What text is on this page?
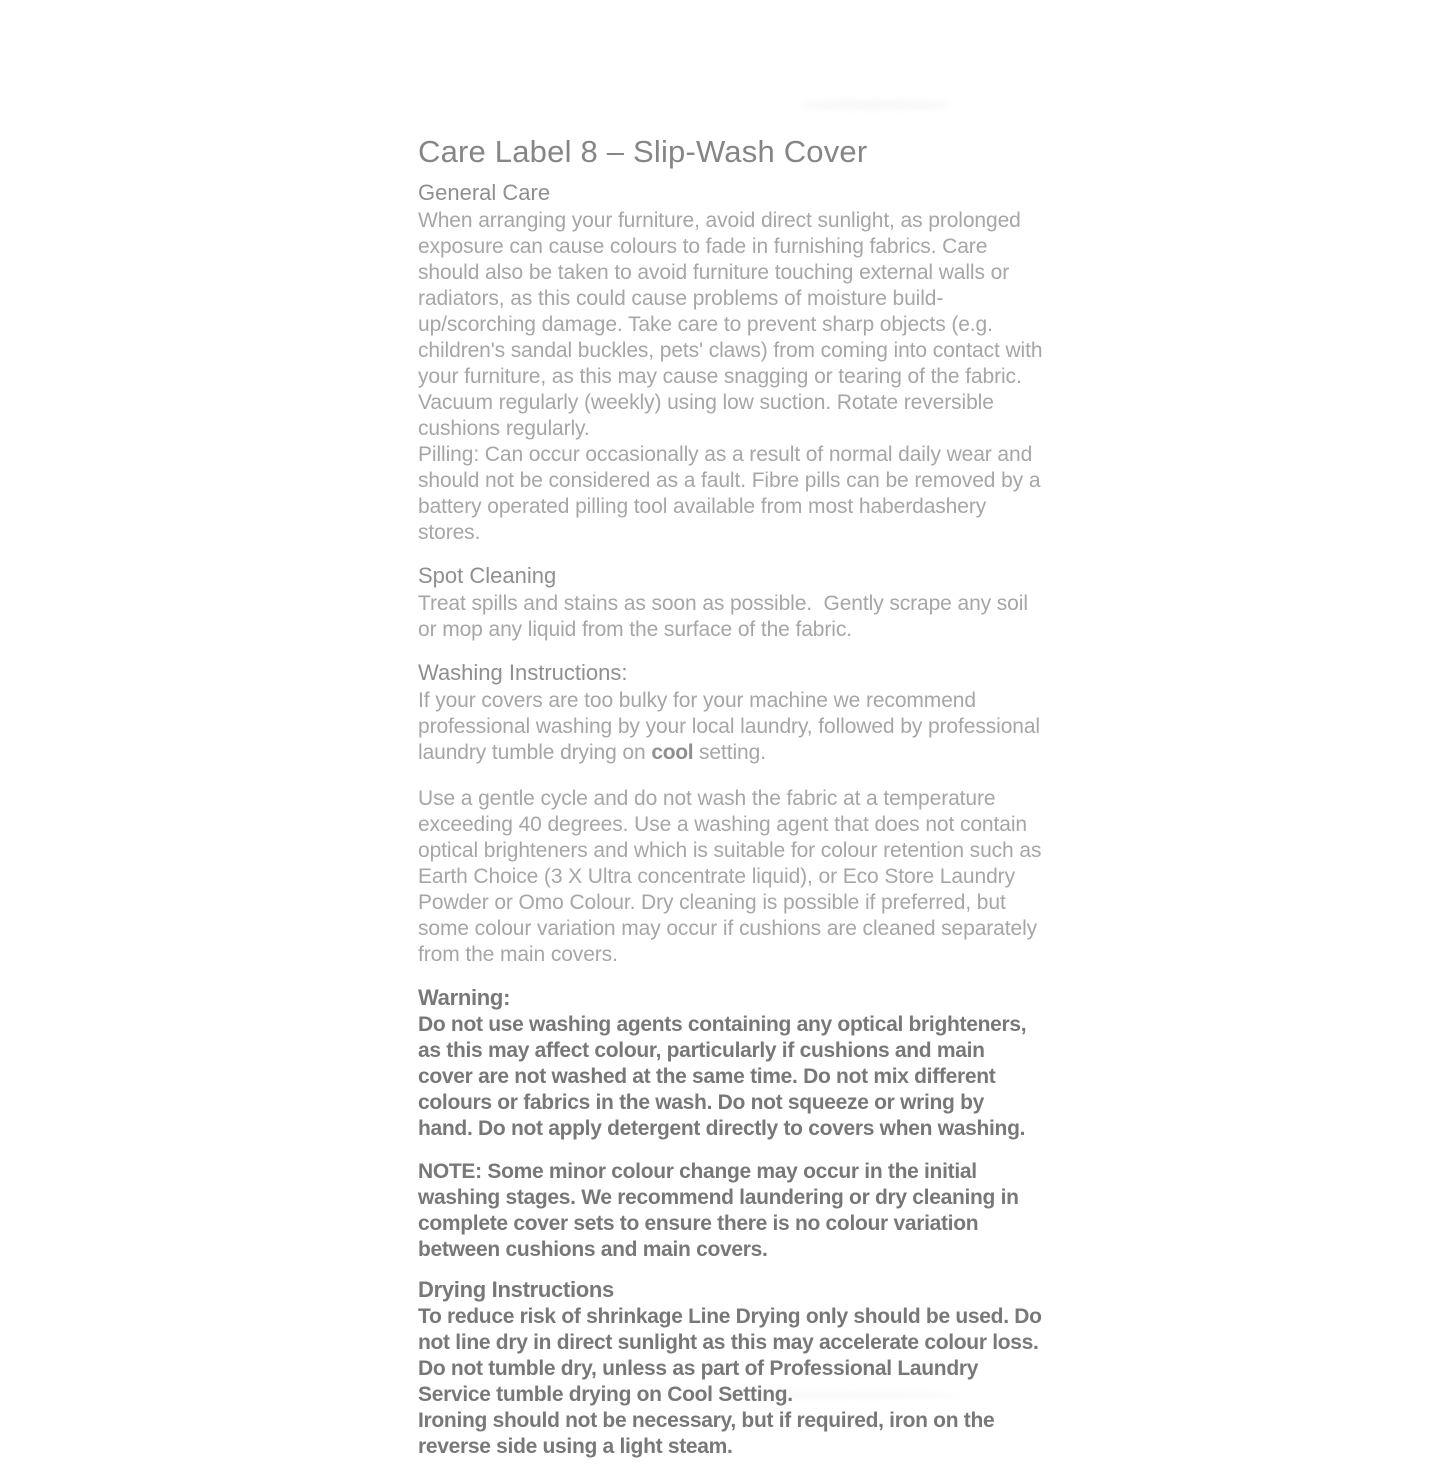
Care Label 8 – Slip-Wash Cover
General Care

When arranging your furniture, avoid direct sunlight, as prolonged exposure can cause colours to fade in furnishing fabrics. Care should also be taken to avoid furniture touching external walls or radiators, as this could cause problems of moisture build-up/scorching damage. Take care to prevent sharp objects (e.g. children's sandal buckles, pets' claws) from coming into contact with your furniture, as this may cause snagging or tearing of the fabric. Vacuum regularly (weekly) using low suction. Rotate reversible cushions regularly.

Pilling: Can occur occasionally as a result of normal daily wear and should not be considered as a fault. Fibre pills can be removed by a battery operated pilling tool available from most haberdashery stores.

Spot Cleaning

Treat spills and stains as soon as possible.  Gently scrape any soil or mop any liquid from the surface of the fabric.

Washing Instructions:

If your covers are too bulky for your machine we recommend professional washing by your local laundry, followed by professional laundry tumble drying on cool setting.

Use a gentle cycle and do not wash the fabric at a temperature exceeding 40 degrees. Use a washing agent that does not contain optical brighteners and which is suitable for colour retention such as Earth Choice (3 X Ultra concentrate liquid), or Eco Store Laundry Powder or Omo Colour. Dry cleaning is possible if preferred, but some colour variation may occur if cushions are cleaned separately from the main covers.

Warning:

Do not use washing agents containing any optical brighteners, as this may affect colour, particularly if cushions and main cover are not washed at the same time. Do not mix different colours or fabrics in the wash. Do not squeeze or wring by hand. Do not apply detergent directly to covers when washing.

NOTE: Some minor colour change may occur in the initial washing stages. We recommend laundering or dry cleaning in complete cover sets to ensure there is no colour variation between cushions and main covers.

Drying Instructions

To reduce risk of shrinkage Line Drying only should be used. Do not line dry in direct sunlight as this may accelerate colour loss. Do not tumble dry, unless as part of Professional Laundry Service tumble drying on Cool Setting.

Ironing should not be necessary, but if required, iron on the reverse side using a light steam.
